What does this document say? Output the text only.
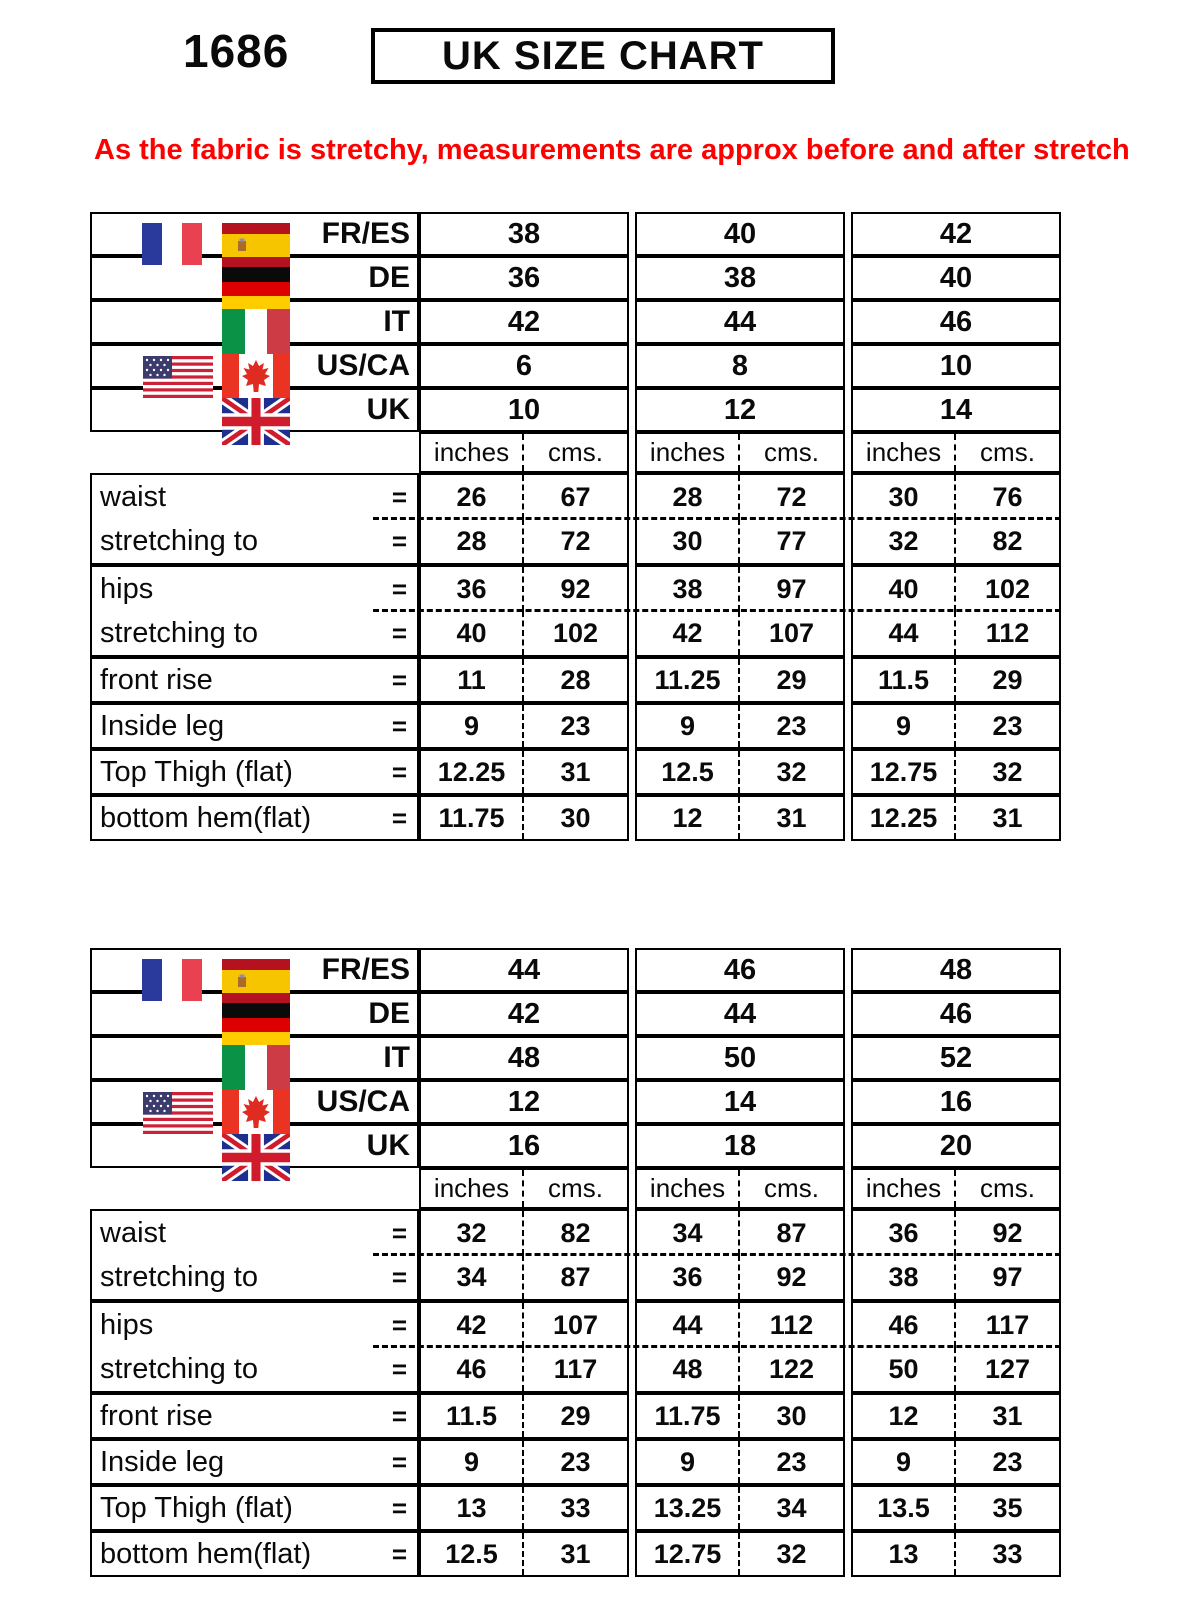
1686	UK SIZE CHART
As the fabric is stretchy, measurements are approx before and after stretch
FR/ES	38	40	42
DE	36	38	40
IT	42	44	46
US/CA	6	8	10
UK	10	12	14
inches	cms.	inches	cms.	inches	cms.
waist	=	26	67	28	72	30	76
stretching to	=	28	72	30	77	32	82
hips	=	36	92	38	97	40	102
stretching to	=	40	102	42	107	44	112
front rise	=	11	28	11.25	29	11.5	29
Inside leg	=	9	23	9	23	9	23
Top Thigh (flat)	=	12.25	31	12.5	32	12.75	32
bottom hem(flat)	=	11.75	30	12	31	12.25	31
FR/ES	44	46	48
DE	42	44	46
IT	48	50	52
US/CA	12	14	16
UK	16	18	20
inches	cms.	inches	cms.	inches	cms.
waist	=	32	82	34	87	36	92
stretching to	=	34	87	36	92	38	97
hips	=	42	107	44	112	46	117
stretching to	=	46	117	48	122	50	127
front rise	=	11.5	29	11.75	30	12	31
Inside leg	=	9	23	9	23	9	23
Top Thigh (flat)	=	13	33	13.25	34	13.5	35
bottom hem(flat)	=	12.5	31	12.75	32	13	33
